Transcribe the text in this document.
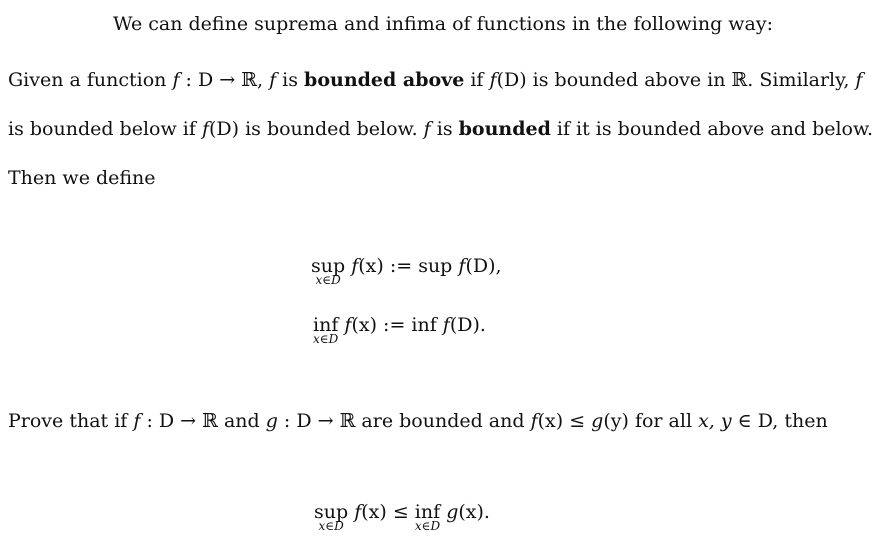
We can define suprema and infima of functions in the following way:
Given a function f : D → ℝ, f is bounded above if f(D) is bounded above in ℝ. Similarly, f
is bounded below if f(D) is bounded below. f is bounded if it is bounded above and below.
Then we define
sup
x∈D
f(x) := sup f(D),
inf
x∈D
f(x) := inf f(D).
Prove that if f : D → ℝ and g : D → ℝ are bounded and f(x) ≤ g(y) for all x, y ∈ D, then
sup
x∈D
f(x) ≤ inf
x∈D
g(x).
